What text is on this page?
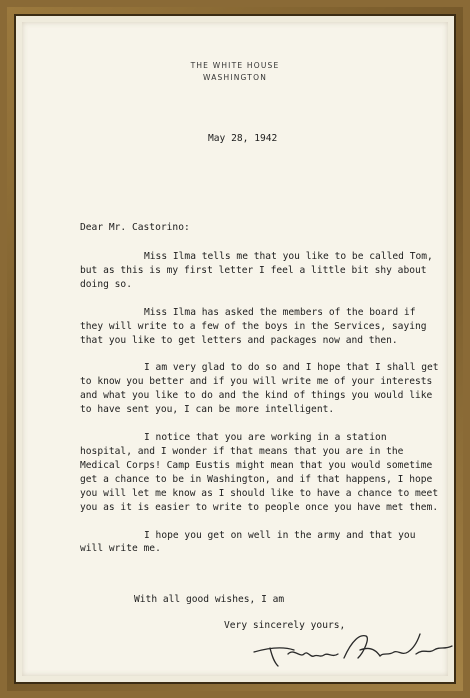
THE WHITE HOUSE
WASHINGTON
May 28, 1942
Dear Mr. Castorino:

Miss Ilma tells me that you like to be called Tom, but as this is my first letter I feel a little bit shy about doing so.

Miss Ilma has asked the members of the board if they will write to a few of the boys in the Services, saying that you like to get letters and packages now and then.

I am very glad to do so and I hope that I shall get to know you better and if you will write me of your interests and what you like to do and the kind of things you would like to have sent you, I can be more intelligent.

I notice that you are working in a station hospital, and I wonder if that means that you are in the Medical Corps! Camp Eustis might mean that you would sometime get a chance to be in Washington, and if that happens, I hope you will let me know as I should like to have a chance to meet you as it is easier to write to people once you have met them.

I hope you get on well in the army and that you will write me.

With all good wishes, I am
Very sincerely yours,
